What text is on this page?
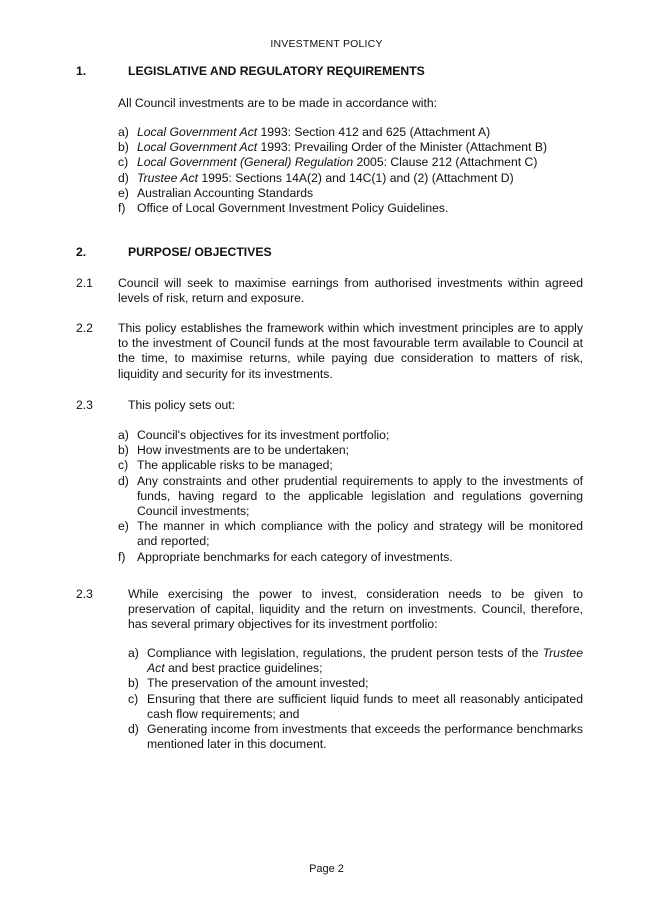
INVESTMENT POLICY
1.	LEGISLATIVE AND REGULATORY REQUIREMENTS
All Council investments are to be made in accordance with:
a) Local Government Act 1993: Section 412 and 625 (Attachment A)
b) Local Government Act 1993: Prevailing Order of the Minister (Attachment B)
c) Local Government (General) Regulation 2005: Clause 212 (Attachment C)
d) Trustee Act 1995: Sections 14A(2) and 14C(1) and (2) (Attachment D)
e) Australian Accounting Standards
f) Office of Local Government Investment Policy Guidelines.
2.	PURPOSE/ OBJECTIVES
2.1 Council will seek to maximise earnings from authorised investments within agreed levels of risk, return and exposure.
2.2 This policy establishes the framework within which investment principles are to apply to the investment of Council funds at the most favourable term available to Council at the time, to maximise returns, while paying due consideration to matters of risk, liquidity and security for its investments.
2.3	This policy sets out:
a) Council's objectives for its investment portfolio;
b) How investments are to be undertaken;
c) The applicable risks to be managed;
d) Any constraints and other prudential requirements to apply to the investments of funds, having regard to the applicable legislation and regulations governing Council investments;
e) The manner in which compliance with the policy and strategy will be monitored and reported;
f) Appropriate benchmarks for each category of investments.
2.3	While exercising the power to invest, consideration needs to be given to preservation of capital, liquidity and the return on investments. Council, therefore, has several primary objectives for its investment portfolio:
a) Compliance with legislation, regulations, the prudent person tests of the Trustee Act and best practice guidelines;
b) The preservation of the amount invested;
c) Ensuring that there are sufficient liquid funds to meet all reasonably anticipated cash flow requirements; and
d) Generating income from investments that exceeds the performance benchmarks mentioned later in this document.
Page 2
